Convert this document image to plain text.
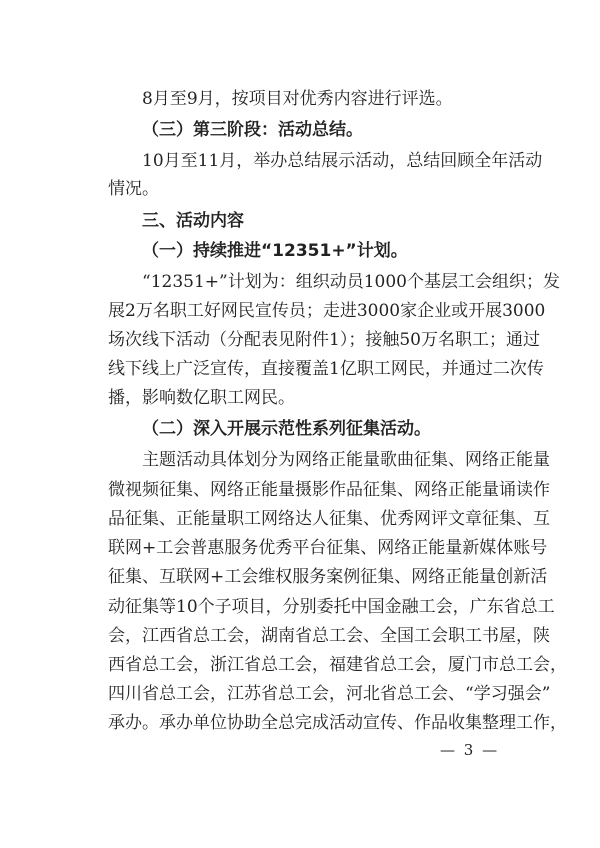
8月至9月，按项目对优秀内容进行评选。
（三）第三阶段：活动总结。
10月至11月，举办总结展示活动，总结回顾全年活动
情况。
三、活动内容
（一）持续推进“12351+”计划。
“12351+”计划为：组织动员1000个基层工会组织；发
展2万名职工好网民宣传员；走进3000家企业或开展3000
场次线下活动（分配表见附件1）；接触50万名职工；通过
线下线上广泛宣传，直接覆盖1亿职工网民，并通过二次传
播，影响数亿职工网民。
（二）深入开展示范性系列征集活动。
主题活动具体划分为网络正能量歌曲征集、网络正能量
微视频征集、网络正能量摄影作品征集、网络正能量诵读作
品征集、正能量职工网络达人征集、优秀网评文章征集、互
联网+工会普惠服务优秀平台征集、网络正能量新媒体账号
征集、互联网+工会维权服务案例征集、网络正能量创新活
动征集等10个子项目，分别委托中国金融工会，广东省总工
会，江西省总工会，湖南省总工会、全国工会职工书屋，陕
西省总工会，浙江省总工会，福建省总工会，厦门市总工会，
四川省总工会，江苏省总工会，河北省总工会、“学习强会”
承办。承办单位协助全总完成活动宣传、作品收集整理工作，
— 3 —
